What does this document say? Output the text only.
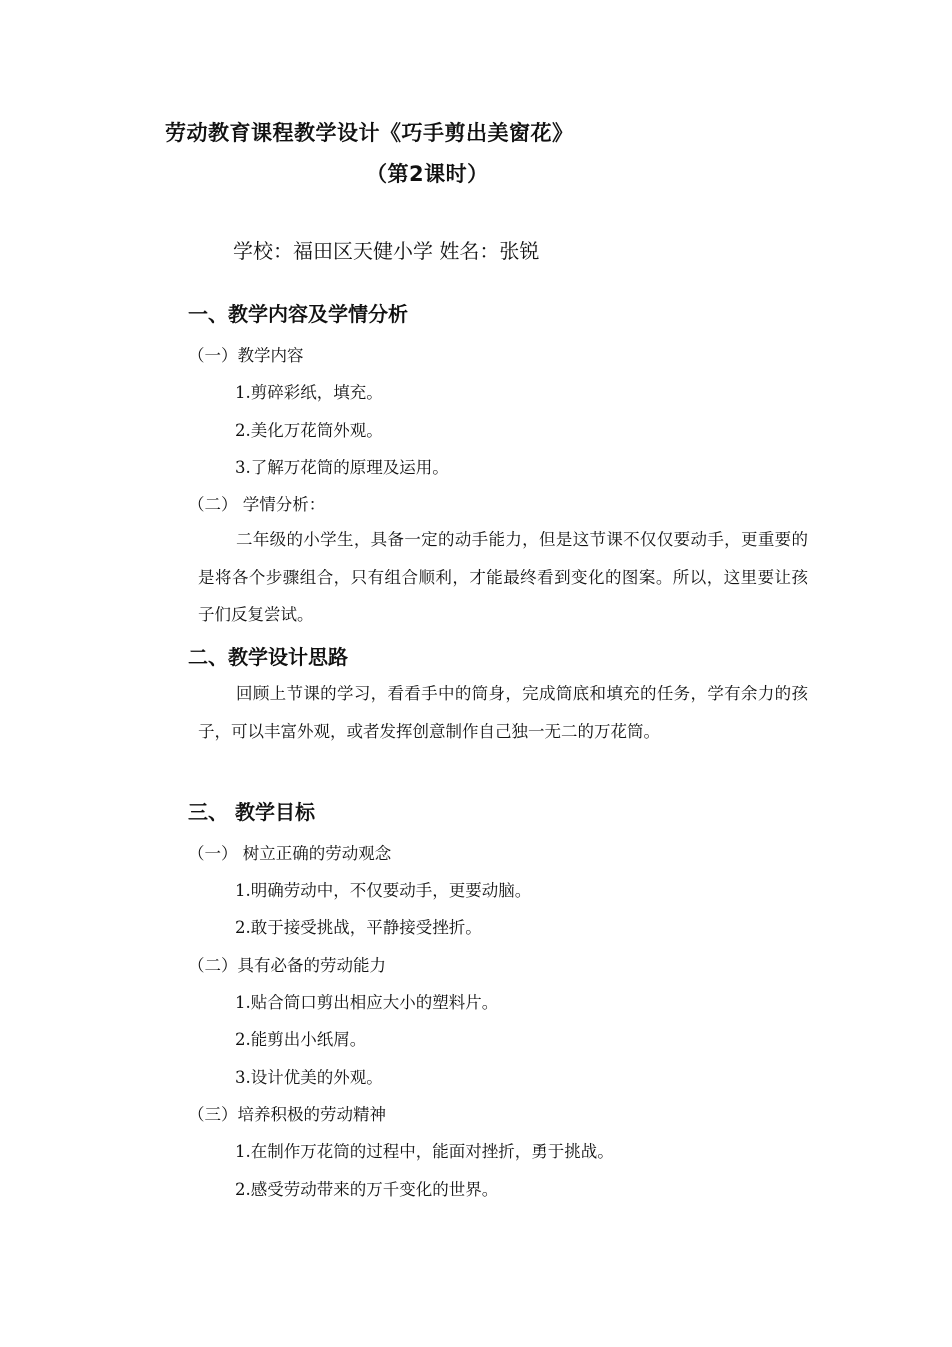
劳动教育课程教学设计《巧手剪出美窗花》
（第2课时）
学校：福田区天健小学 姓名：张锐
一、教学内容及学情分析
（一）教学内容
1.剪碎彩纸，填充。
2.美化万花筒外观。
3.了解万花筒的原理及运用。
（二） 学情分析：
二年级的小学生，具备一定的动手能力，但是这节课不仅仅要动手，更重要的是将各个步骤组合，只有组合顺利，才能最终看到变化的图案。所以，这里要让孩子们反复尝试。
二、教学设计思路
回顾上节课的学习，看看手中的筒身，完成筒底和填充的任务，学有余力的孩子，可以丰富外观，或者发挥创意制作自己独一无二的万花筒。
三、 教学目标
（一） 树立正确的劳动观念
1.明确劳动中，不仅要动手，更要动脑。
2.敢于接受挑战，平静接受挫折。
（二）具有必备的劳动能力
1.贴合筒口剪出相应大小的塑料片。
2.能剪出小纸屑。
3.设计优美的外观。
（三）培养积极的劳动精神
1.在制作万花筒的过程中，能面对挫折，勇于挑战。
2.感受劳动带来的万千变化的世界。
